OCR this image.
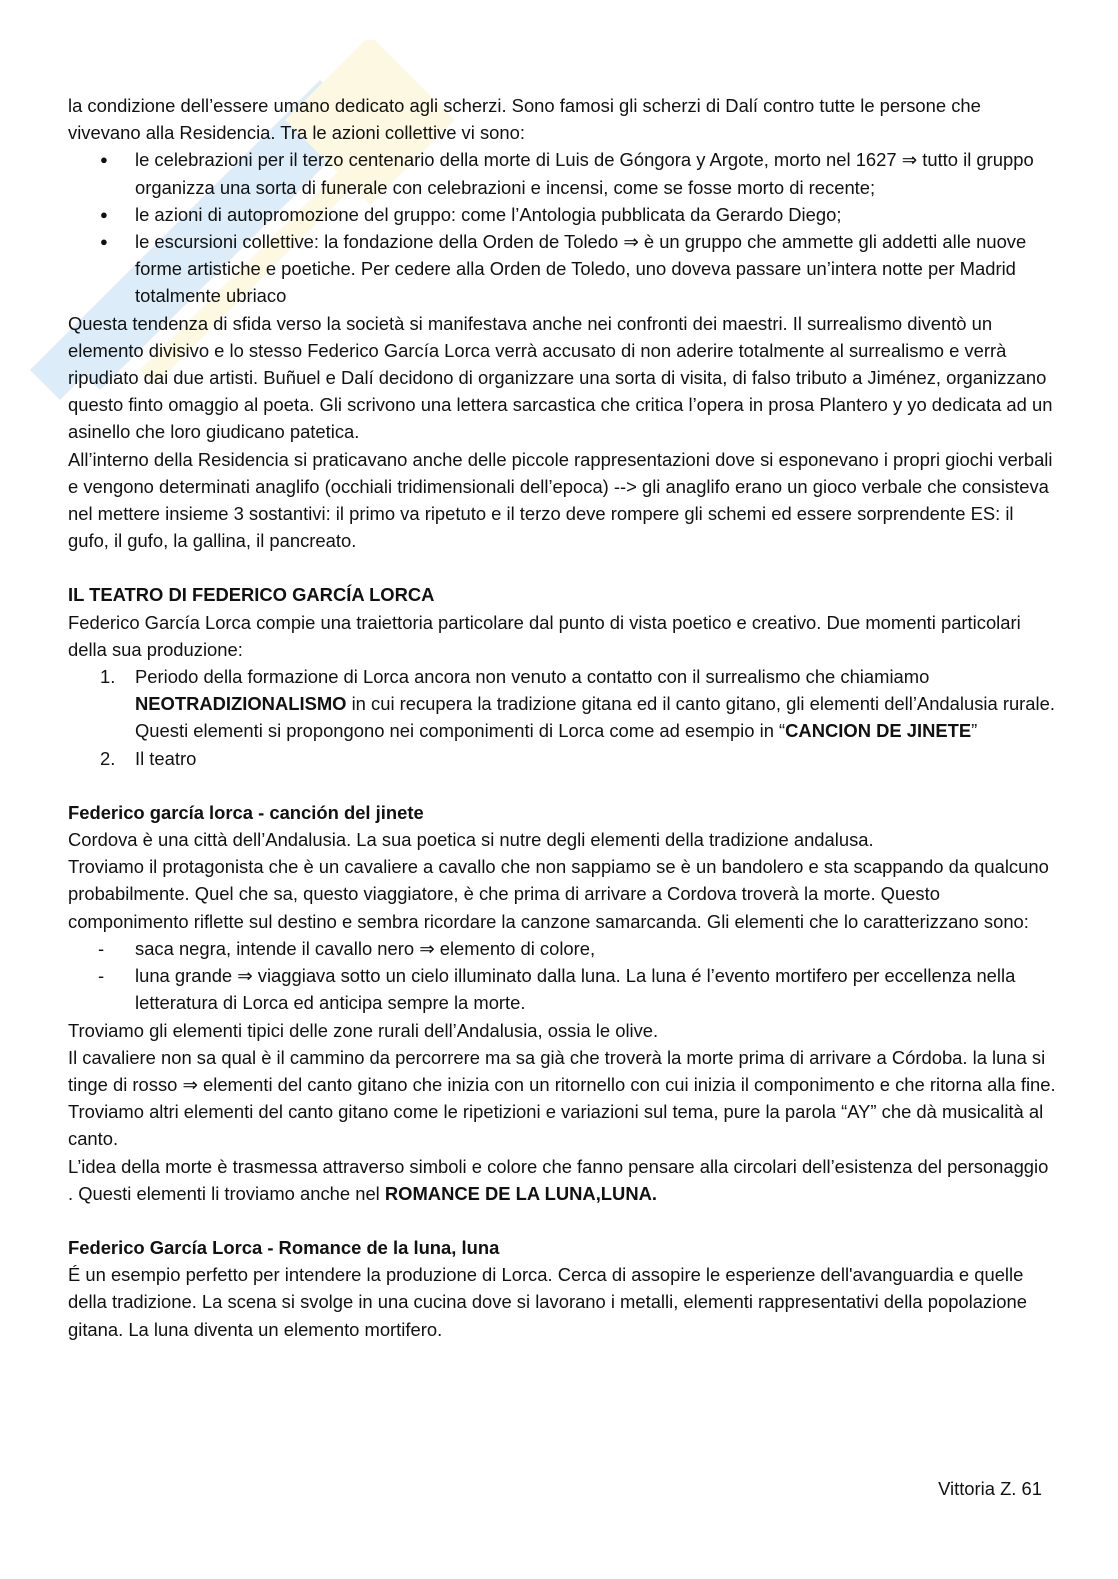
la condizione dell’essere umano dedicato agli scherzi. Sono famosi gli scherzi di Dalí contro tutte le persone che vivevano alla Residencia. Tra le azioni collettive vi sono:

● le celebrazioni per il terzo centenario della morte di Luis de Góngora y Argote, morto nel 1627 ⇒ tutto il gruppo organizza una sorta di funerale con celebrazioni e incensi, come se fosse morto di recente;
● le azioni di autopromozione del gruppo: come l’Antologia pubblicata da Gerardo Diego;
● le escursioni collettive: la fondazione della Orden de Toledo ⇒ è un gruppo che ammette gli addetti alle nuove forme artistiche e poetiche. Per cedere alla Orden de Toledo, uno doveva passare un’intera notte per Madrid totalmente ubriaco

Questa tendenza di sfida verso la società si manifestava anche nei confronti dei maestri. Il surrealismo diventò un elemento divisivo e lo stesso Federico García Lorca verrà accusato di non aderire totalmente al surrealismo e verrà ripudiato dai due artisti. Buñuel e Dalí decidono di organizzare una sorta di visita, di falso tributo a Jiménez, organizzano questo finto omaggio al poeta. Gli scrivono una lettera sarcastica che critica l’opera in prosa Plantero y yo dedicata ad un asinello che loro giudicano patetica.

All’interno della Residencia si praticavano anche delle piccole rappresentazioni dove si esponevano i propri giochi verbali e vengono determinati anaglifo (occhiali tridimensionali dell’epoca) --> gli anaglifo erano un gioco verbale che consisteva nel mettere insieme 3 sostantivi: il primo va ripetuto e il terzo deve rompere gli schemi ed essere sorprendente ES: il gufo, il gufo, la gallina, il pancreato.

IL TEATRO DI FEDERICO GARCÍA LORCA

Federico García Lorca compie una traiettoria particolare dal punto di vista poetico e creativo. Due momenti particolari della sua produzione:

1. Periodo della formazione di Lorca ancora non venuto a contatto con il surrealismo che chiamiamo NEOTRADIZIONALISMO in cui recupera la tradizione gitana ed il canto gitano, gli elementi dell’Andalusia rurale. Questi elementi si propongono nei componimenti di Lorca come ad esempio in “CANCION DE JINETE”
2. Il teatro
Federico garcía lorca - canción del jinete

Cordova è una città dell’Andalusia. La sua poetica si nutre degli elementi della tradizione andalusa.

Troviamo il protagonista che è un cavaliere a cavallo che non sappiamo se è un bandolero e sta scappando da qualcuno probabilmente. Quel che sa, questo viaggiatore, è che prima di arrivare a Cordova troverà la morte. Questo componimento riflette sul destino e sembra ricordare la canzone samarcanda. Gli elementi che lo caratterizzano sono:

- saca negra, intende il cavallo nero ⇒ elemento di colore,
- luna grande ⇒ viaggiava sotto un cielo illuminato dalla luna. La luna é l’evento mortifero per eccellenza nella letteratura di Lorca ed anticipa sempre la morte.

Troviamo gli elementi tipici delle zone rurali dell’Andalusia, ossia le olive.

Il cavaliere non sa qual è il cammino da percorrere ma sa già che troverà la morte prima di arrivare a Córdoba. la luna si tinge di rosso ⇒ elementi del canto gitano che inizia con un ritornello con cui inizia il componimento e che ritorna alla fine.

Troviamo altri elementi del canto gitano come le ripetizioni e variazioni sul tema, pure la parola “AY” che dà musicalità al canto.

L’idea della morte è trasmessa attraverso simboli e colore che fanno pensare alla circolari dell’esistenza del personaggio . Questi elementi li troviamo anche nel ROMANCE DE LA LUNA,LUNA.

Federico García Lorca - Romance de la luna, luna

É un esempio perfetto per intendere la produzione di Lorca. Cerca di assopire le esperienze dell'avanguardia e quelle della tradizione. La scena si svolge in una cucina dove si lavorano i metalli, elementi rappresentativi della popolazione gitana. La luna diventa un elemento mortifero.

Vittoria Z. 61
